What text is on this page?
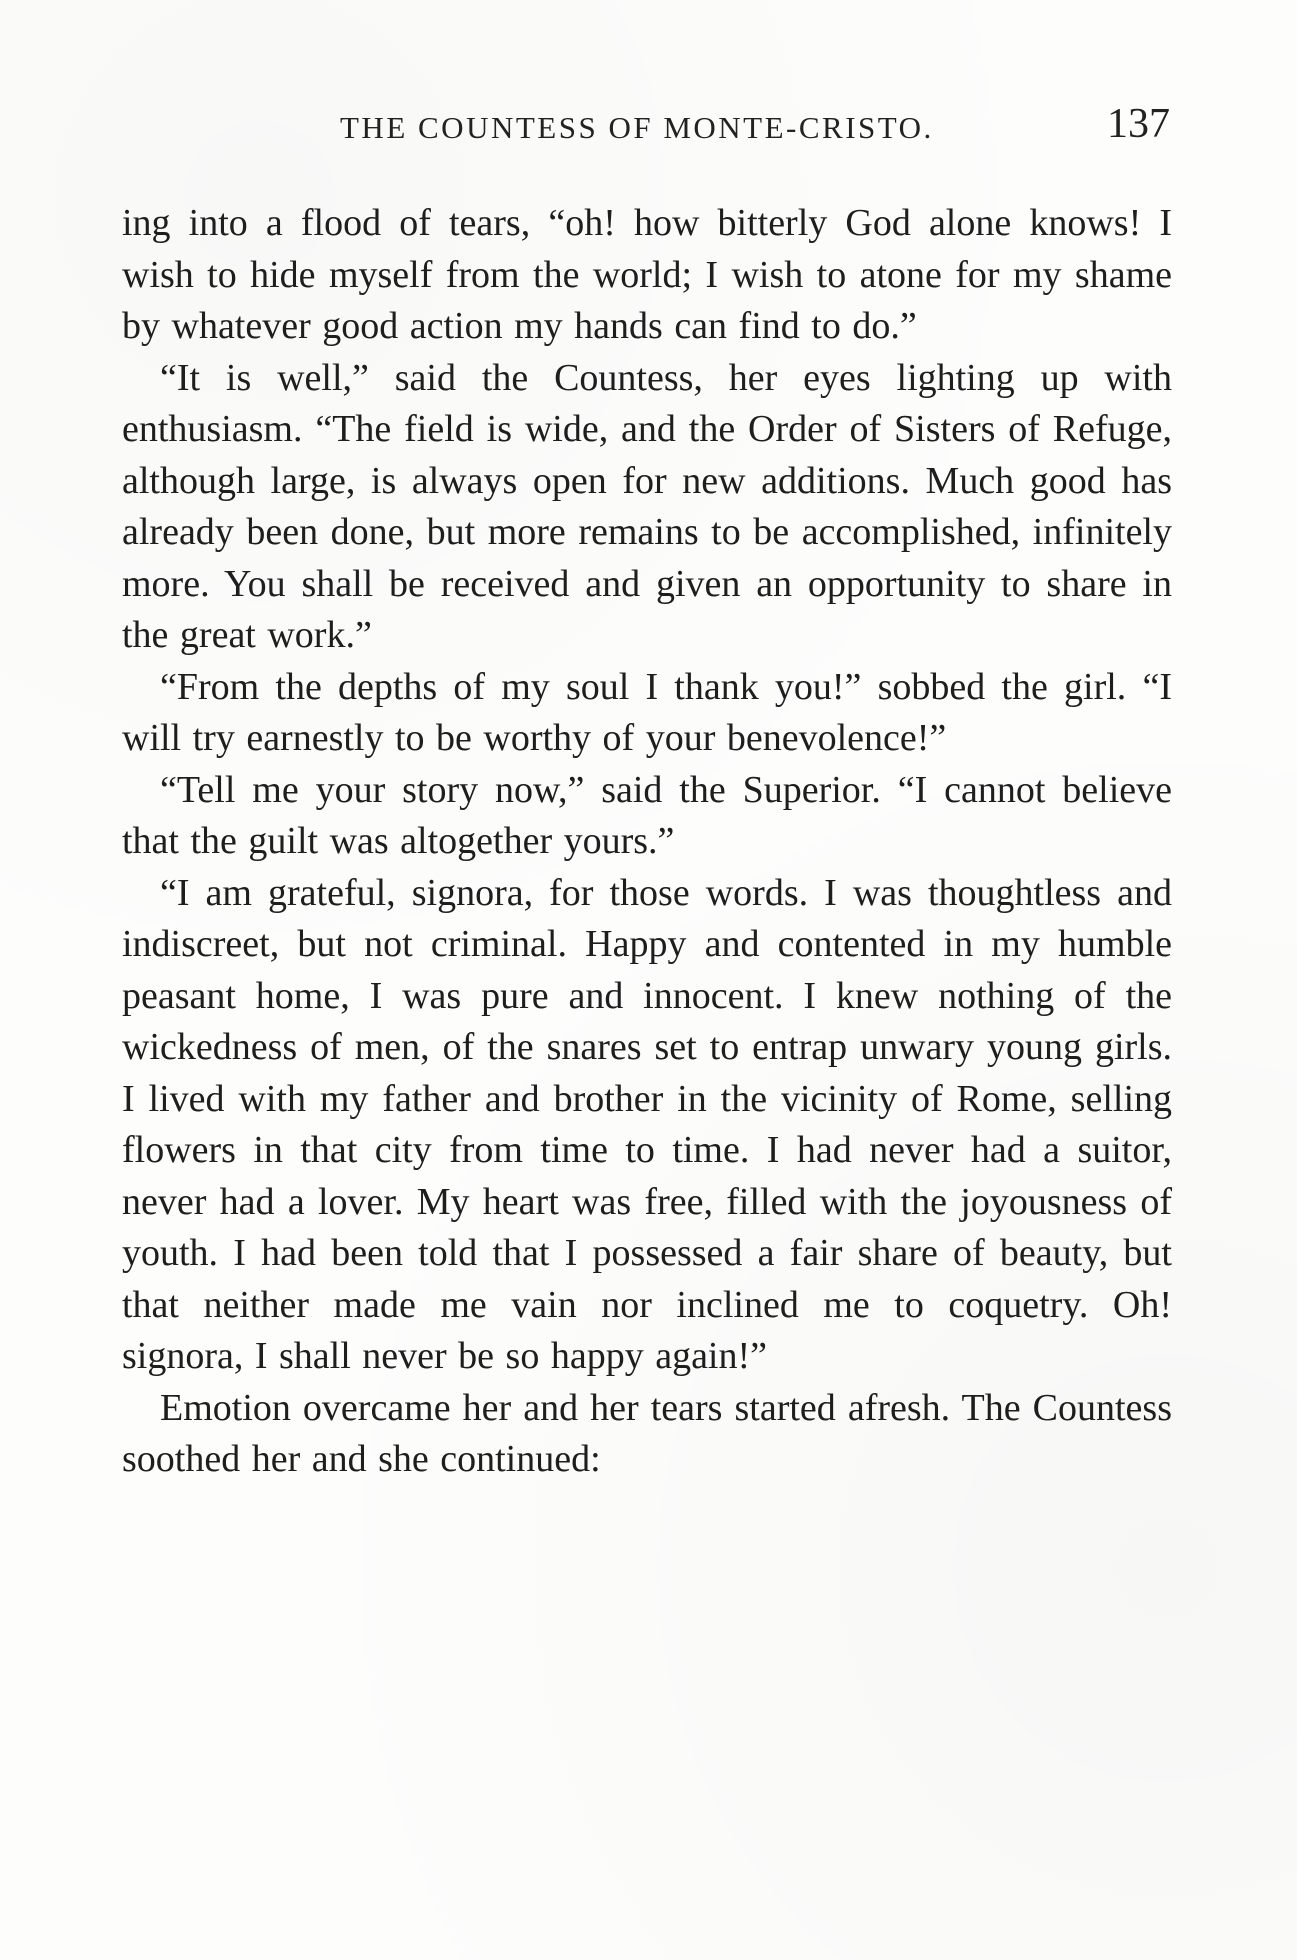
THE COUNTESS OF MONTE-CRISTO.	137

ing into a flood of tears, “oh! how bitterly God alone knows! I wish to hide myself from the world; I wish to atone for my shame by whatever good action my hands can find to do.”

“It is well,” said the Countess, her eyes lighting up with enthusiasm. “The field is wide, and the Order of Sisters of Refuge, although large, is always open for new additions. Much good has already been done, but more remains to be accomplished, infinitely more. You shall be received and given an opportunity to share in the great work.”

“From the depths of my soul I thank you!” sobbed the girl. “I will try earnestly to be worthy of your benevolence!”

“Tell me your story now,” said the Superior. “I cannot believe that the guilt was altogether yours.”

“I am grateful, signora, for those words. I was thoughtless and indiscreet, but not criminal. Happy and contented in my humble peasant home, I was pure and innocent. I knew nothing of the wickedness of men, of the snares set to entrap unwary young girls. I lived with my father and brother in the vicinity of Rome, selling flowers in that city from time to time. I had never had a suitor, never had a lover. My heart was free, filled with the joyousness of youth. I had been told that I possessed a fair share of beauty, but that neither made me vain nor inclined me to coquetry. Oh! signora, I shall never be so happy again!”

Emotion overcame her and her tears started afresh. The Countess soothed her and she continued:
